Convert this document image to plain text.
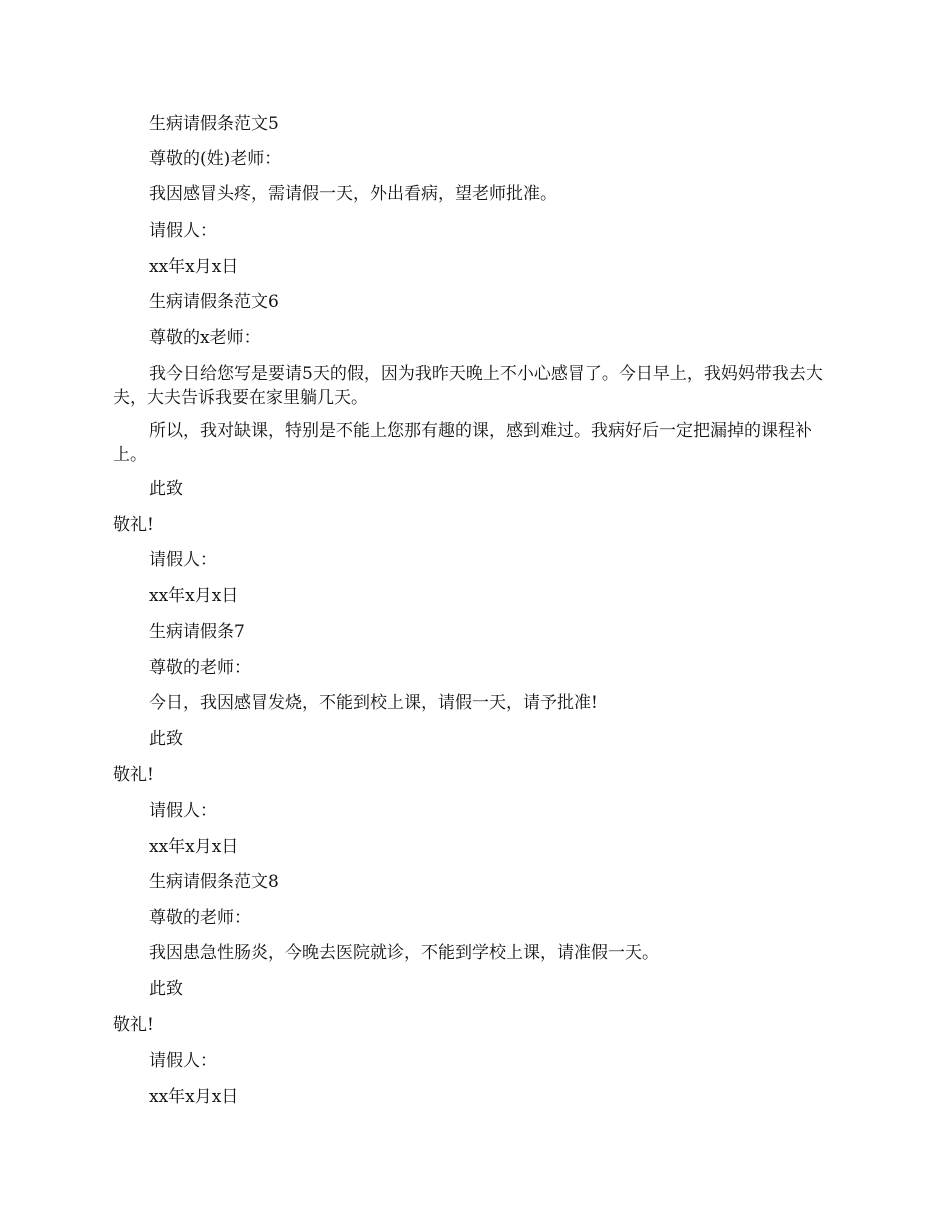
生病请假条范文5

尊敬的(姓)老师：

我因感冒头疼，需请假一天，外出看病，望老师批准。

请假人：

xx年x月x日

生病请假条范文6

尊敬的x老师：

我今日给您写是要请5天的假，因为我昨天晚上不小心感冒了。今日早上，我妈妈带我去大夫，大夫告诉我要在家里躺几天。

所以，我对缺课，特别是不能上您那有趣的课，感到难过。我病好后一定把漏掉的课程补上。

此致

敬礼!

请假人：

xx年x月x日

生病请假条7

尊敬的老师：

今日，我因感冒发烧，不能到校上课，请假一天，请予批准!

此致

敬礼!

请假人：

xx年x月x日

生病请假条范文8

尊敬的老师：

我因患急性肠炎，今晚去医院就诊，不能到学校上课，请准假一天。

此致

敬礼!

请假人：

xx年x月x日
